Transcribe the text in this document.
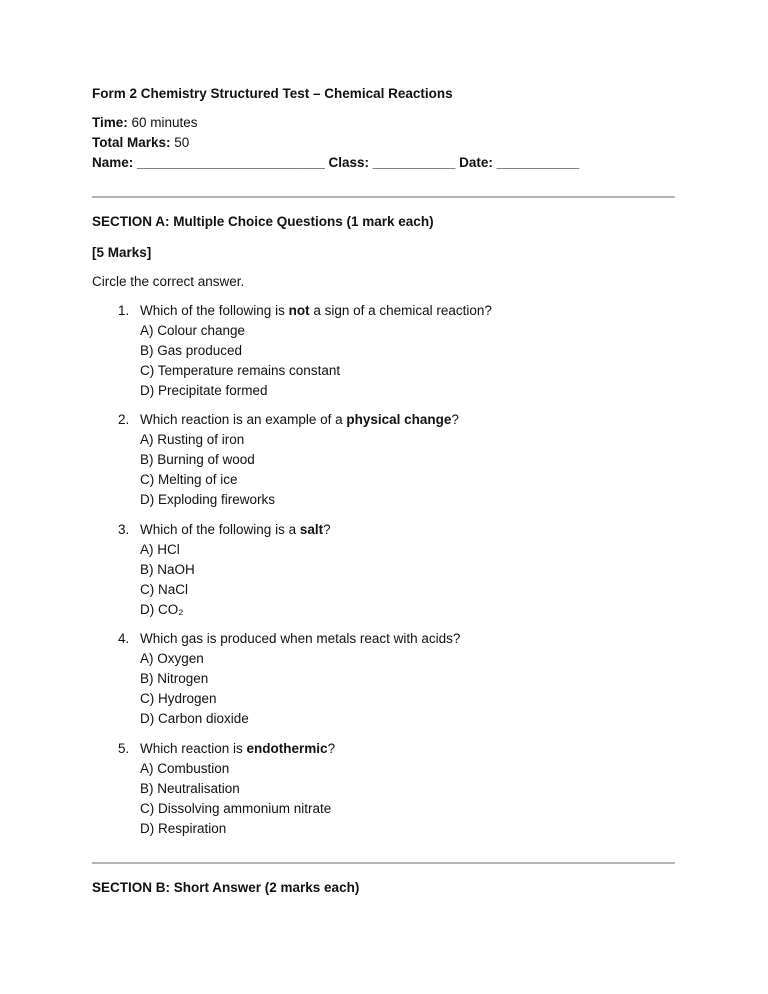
Form 2 Chemistry Structured Test – Chemical Reactions
Time: 60 minutes
Total Marks: 50
Name: _________________________ Class: ___________ Date: ___________
SECTION A: Multiple Choice Questions (1 mark each)
[5 Marks]
Circle the correct answer.
1. Which of the following is not a sign of a chemical reaction?
A) Colour change
B) Gas produced
C) Temperature remains constant
D) Precipitate formed
2. Which reaction is an example of a physical change?
A) Rusting of iron
B) Burning of wood
C) Melting of ice
D) Exploding fireworks
3. Which of the following is a salt?
A) HCl
B) NaOH
C) NaCl
D) CO₂
4. Which gas is produced when metals react with acids?
A) Oxygen
B) Nitrogen
C) Hydrogen
D) Carbon dioxide
5. Which reaction is endothermic?
A) Combustion
B) Neutralisation
C) Dissolving ammonium nitrate
D) Respiration
SECTION B: Short Answer (2 marks each)
